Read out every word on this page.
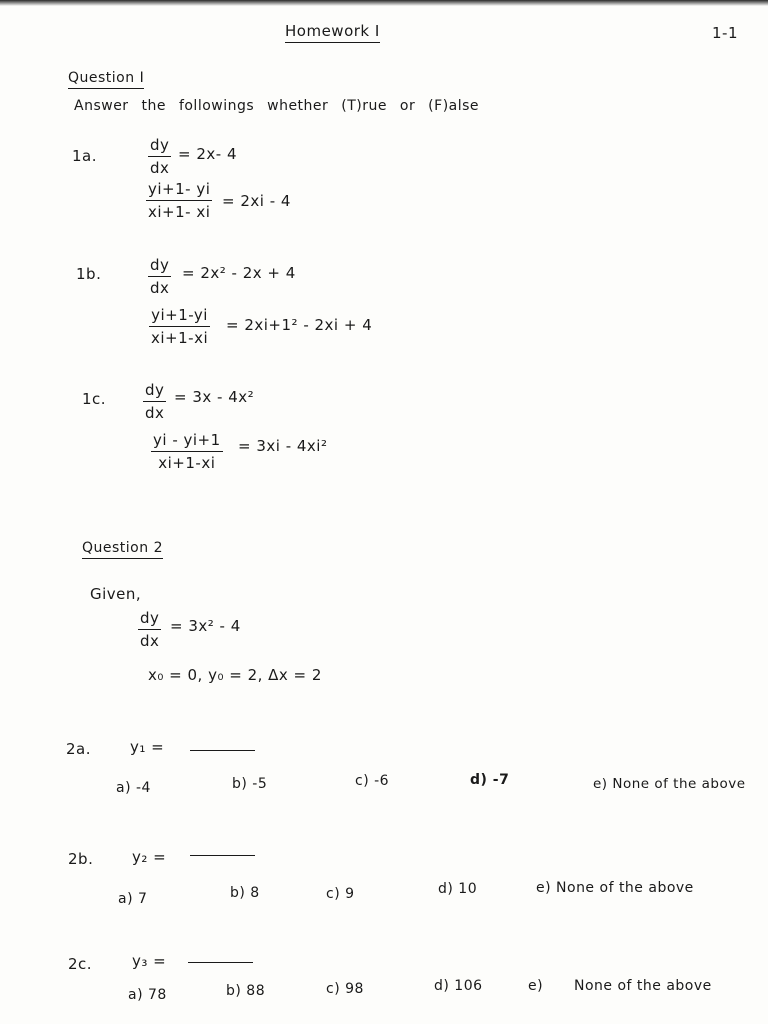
Homework I	1-1
Question I
Answer the followings whether (T)rue or (F)alse
1a.
dy
dx
= 2x- 4
yi+1- yi
xi+1- xi
= 2xi - 4
1b.	dy
dx
= 2x² - 2x + 4
yi+1-yi
xi+1-xi
= 2xi+1² - 2xi + 4
1c.	dy
dx
= 3x - 4x²
yi - yi+1
xi+1-xi
= 3xi - 4xi²
Question 2
Given,
dy
dx
= 3x² - 4
x₀ = 0, y₀ = 2, Δx = 2
2a.	y₁ =
a) -4	b) -5	c) -6	d) -7	e) None of the above
2b.	y₂ =
a) 7	b) 8	c) 9	d) 10	e) None of the above
2c.	y₃ =
a) 78	b) 88	c) 98	d) 106	e) None of the above
